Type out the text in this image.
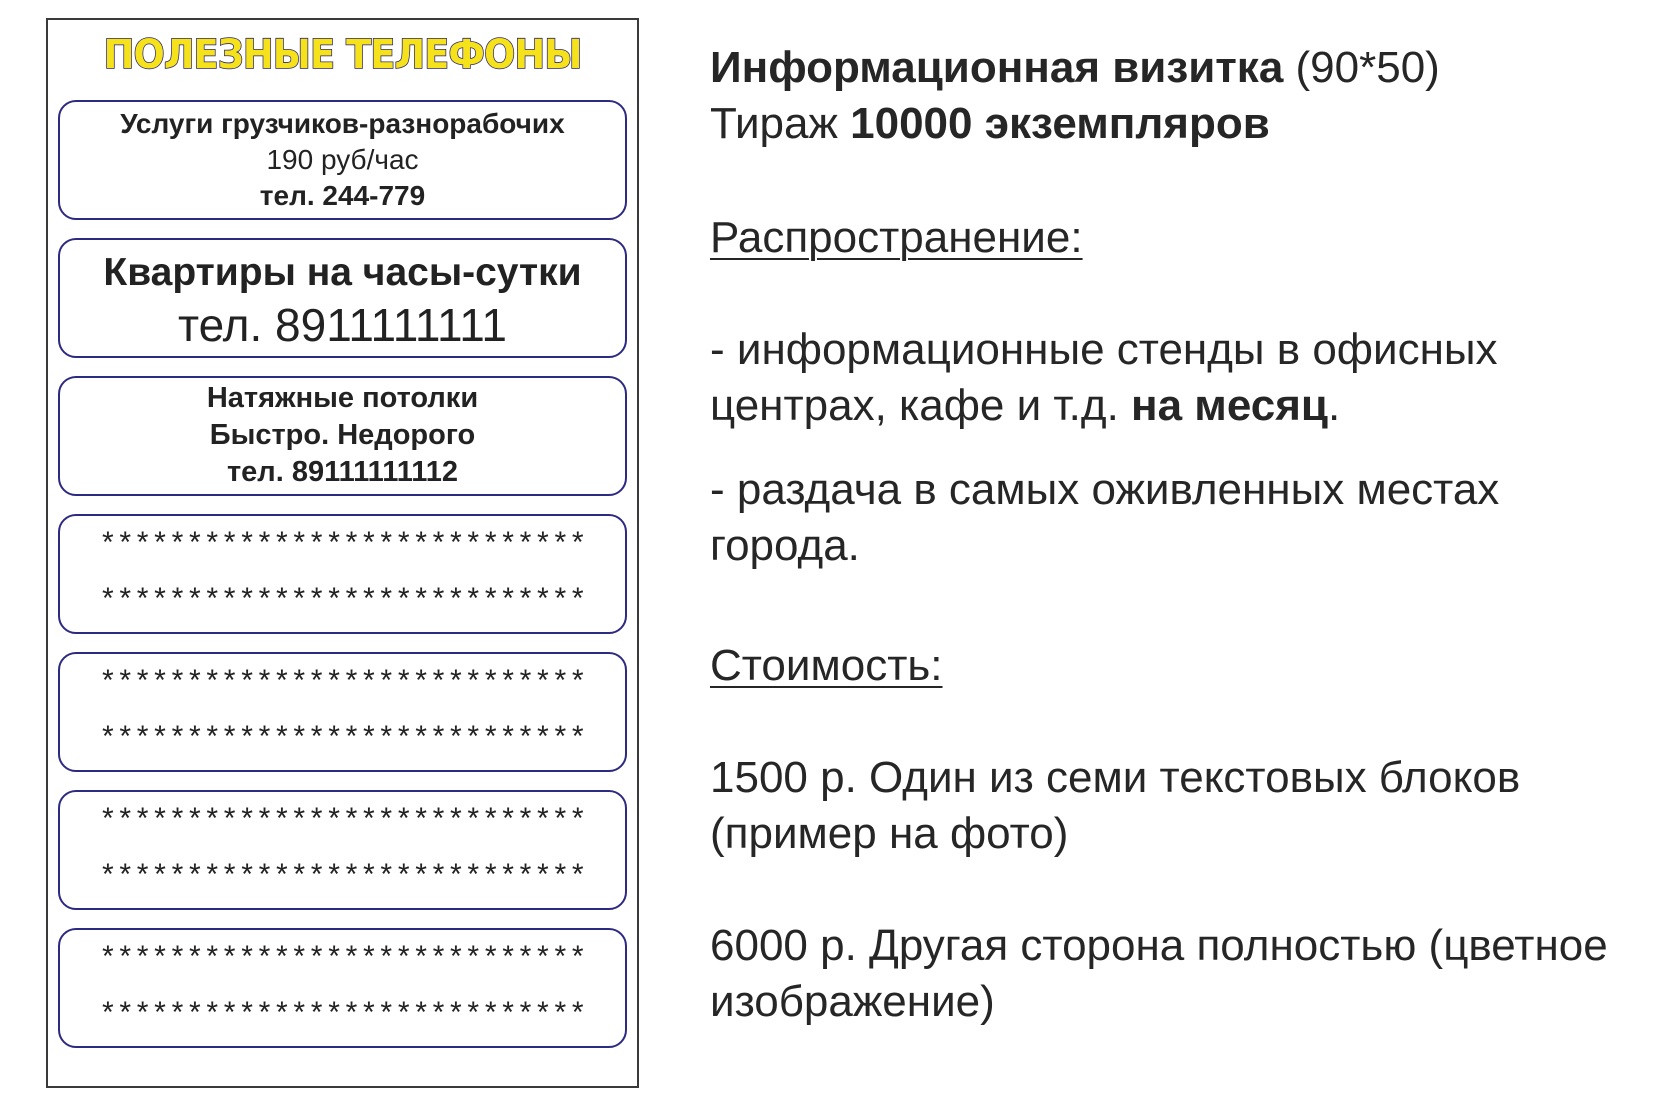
ПОЛЕЗНЫЕ ТЕЛЕФОНЫ
Услуги грузчиков-разнорабочих
190 руб/час
тел. 244-779
Квартиры на часы-сутки
тел. 8911111111
Натяжные потолки
Быстро. Недорого
тел. 89111111112
****************************
****************************
****************************
****************************
****************************
****************************
****************************
****************************

Информационная визитка (90*50)

Тираж 10000 экземпляров

Распространение:

- информационные стенды в офисных центрах, кафе и т.д. на месяц.

- раздача в самых оживленных местах города.

Стоимость:

1500 р. Один из семи текстовых блоков (пример на фото)

6000 р. Другая сторона полностью (цветное изображение)
